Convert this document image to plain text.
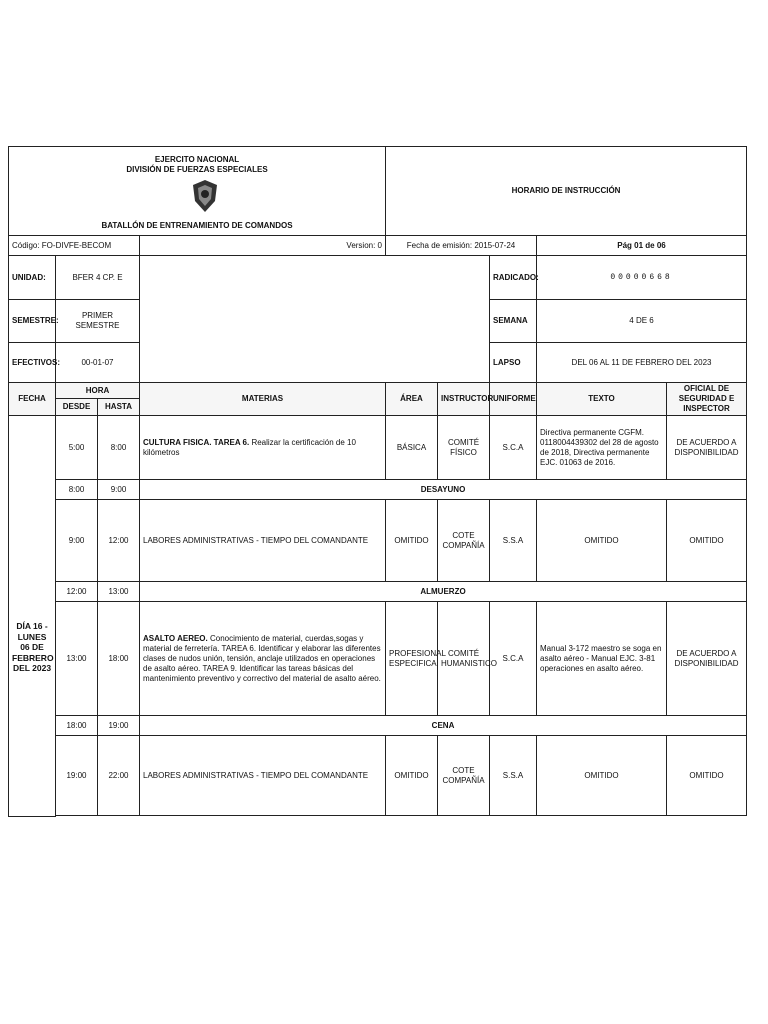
EJERCITO NACIONAL
DIVISIÓN DE FUERZAS ESPECIALES
BATALLÓN DE ENTRENAMIENTO DE COMANDOS				HORARIO DE INSTRUCCIÓN				
Código: FO-DIVFE-BECOM			Version: 0	Fecha de emisión: 2015-07-24			Pág 01 de 06	
UNIDAD:	BFER 4 CP. E					RADICADO:	00000668	
SEMESTRE:	PRIMER SEMESTRE					SEMANA	4 DE 6	
EFECTIVOS:	00-01-07					LAPSO	DEL 06 AL 11 DE FEBRERO DEL 2023	
FECHA	HORA		MATERIAS	ÁREA	INSTRUCTOR	UNIFORME	TEXTO	OFICIAL DE SEGURIDAD E INSPECTOR
	DESDE	HASTA						
	5:00	8:00	CULTURA FISICA. TAREA 6. Realizar la certificación de 10 kilómetros	BÁSICA	COMITÉ FÍSICO	S.C.A	Directiva permanente CGFM. 0118004439302 del 28 de agosto de 2018, Directiva permanente EJC. 01063 de 2016.	DE ACUERDO A DISPONIBILIDAD
DÍA 16 - LUNES 06 DE FEBRERO DEL 2023	8:00	9:00	DESAYUNO					
	9:00	12:00	LABORES ADMINISTRATIVAS - TIEMPO DEL COMANDANTE	OMITIDO	COTE COMPAÑÍA	S.S.A	OMITIDO	OMITIDO
	12:00	13:00	ALMUERZO					
	13:00	18:00	ASALTO AEREO. Conocimiento de material, cuerdas,sogas y material de ferretería. TAREA 6. Identificar y elaborar las diferentes clases de nudos unión, tensión, anclaje utilizados en operaciones de asalto aéreo. TAREA 9. Identificar las tareas básicas del mantenimiento preventivo y correctivo del material de asalto aéreo.	PROFESIONAL ESPECIFICA	COMITÉ HUMANISTICO	S.C.A	Manual 3-172 maestro se soga en asalto aéreo - Manual EJC. 3-81 operaciones en asalto aéreo.	DE ACUERDO A DISPONIBILIDAD
	18:00	19:00	CENA					
	19:00	22:00	LABORES ADMINISTRATIVAS - TIEMPO DEL COMANDANTE	OMITIDO	COTE COMPAÑÍA	S.S.A	OMITIDO	OMITIDO
